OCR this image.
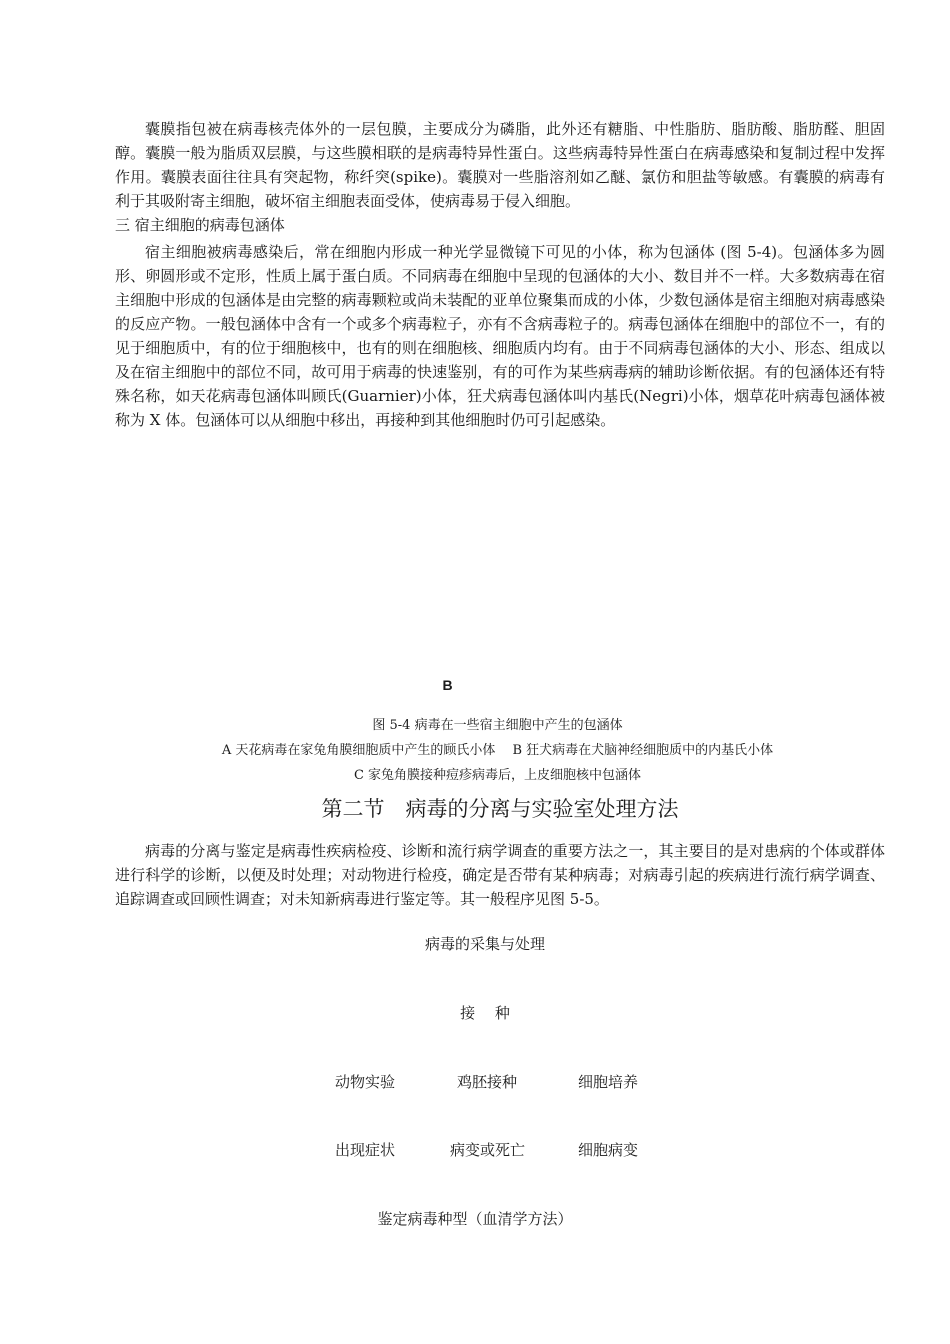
囊膜指包被在病毒核壳体外的一层包膜，主要成分为磷脂，此外还有糖脂、中性脂肪、脂肪酸、脂肪醛、胆固醇。囊膜一般为脂质双层膜，与这些膜相联的是病毒特异性蛋白。这些病毒特异性蛋白在病毒感染和复制过程中发挥作用。囊膜表面往往具有突起物，称纤突(spike)。囊膜对一些脂溶剂如乙醚、氯仿和胆盐等敏感。有囊膜的病毒有利于其吸附寄主细胞，破坏宿主细胞表面受体，使病毒易于侵入细胞。

三 宿主细胞的病毒包涵体

宿主细胞被病毒感染后，常在细胞内形成一种光学显微镜下可见的小体，称为包涵体 (图 5-4)。包涵体多为圆形、卵圆形或不定形，性质上属于蛋白质。不同病毒在细胞中呈现的包涵体的大小、数目并不一样。大多数病毒在宿主细胞中形成的包涵体是由完整的病毒颗粒或尚未装配的亚单位聚集而成的小体，少数包涵体是宿主细胞对病毒感染的反应产物。一般包涵体中含有一个或多个病毒粒子，亦有不含病毒粒子的。病毒包涵体在细胞中的部位不一，有的见于细胞质中，有的位于细胞核中，也有的则在细胞核、细胞质内均有。由于不同病毒包涵体的大小、形态、组成以及在宿主细胞中的部位不同，故可用于病毒的快速鉴别，有的可作为某些病毒病的辅助诊断依据。有的包涵体还有特殊名称，如天花病毒包涵体叫顾氏(Guarnier)小体，狂犬病毒包涵体叫内基氏(Negri)小体，烟草花叶病毒包涵体被称为 X 体。包涵体可以从细胞中移出，再接种到其他细胞时仍可引起感染。

B
图 5-4 病毒在一些宿主细胞中产生的包涵体
A 天花病毒在家兔角膜细胞质中产生的顾氏小体　 B 狂犬病毒在犬脑神经细胞质中的内基氏小体
C 家兔角膜接种痘疹病毒后，上皮细胞核中包涵体
第二节　病毒的分离与实验室处理方法

病毒的分离与鉴定是病毒性疾病检疫、诊断和流行病学调查的重要方法之一，其主要目的是对患病的个体或群体进行科学的诊断，以便及时处理；对动物进行检疫，确定是否带有某种病毒；对病毒引起的疾病进行流行病学调查、追踪调查或回顾性调查；对未知新病毒进行鉴定等。其一般程序见图 5-5。

病毒的采集与处理
接　 种
动物实验	鸡胚接种	细胞培养
出现症状	病变或死亡	细胞病变
鉴定病毒种型（血清学方法）
